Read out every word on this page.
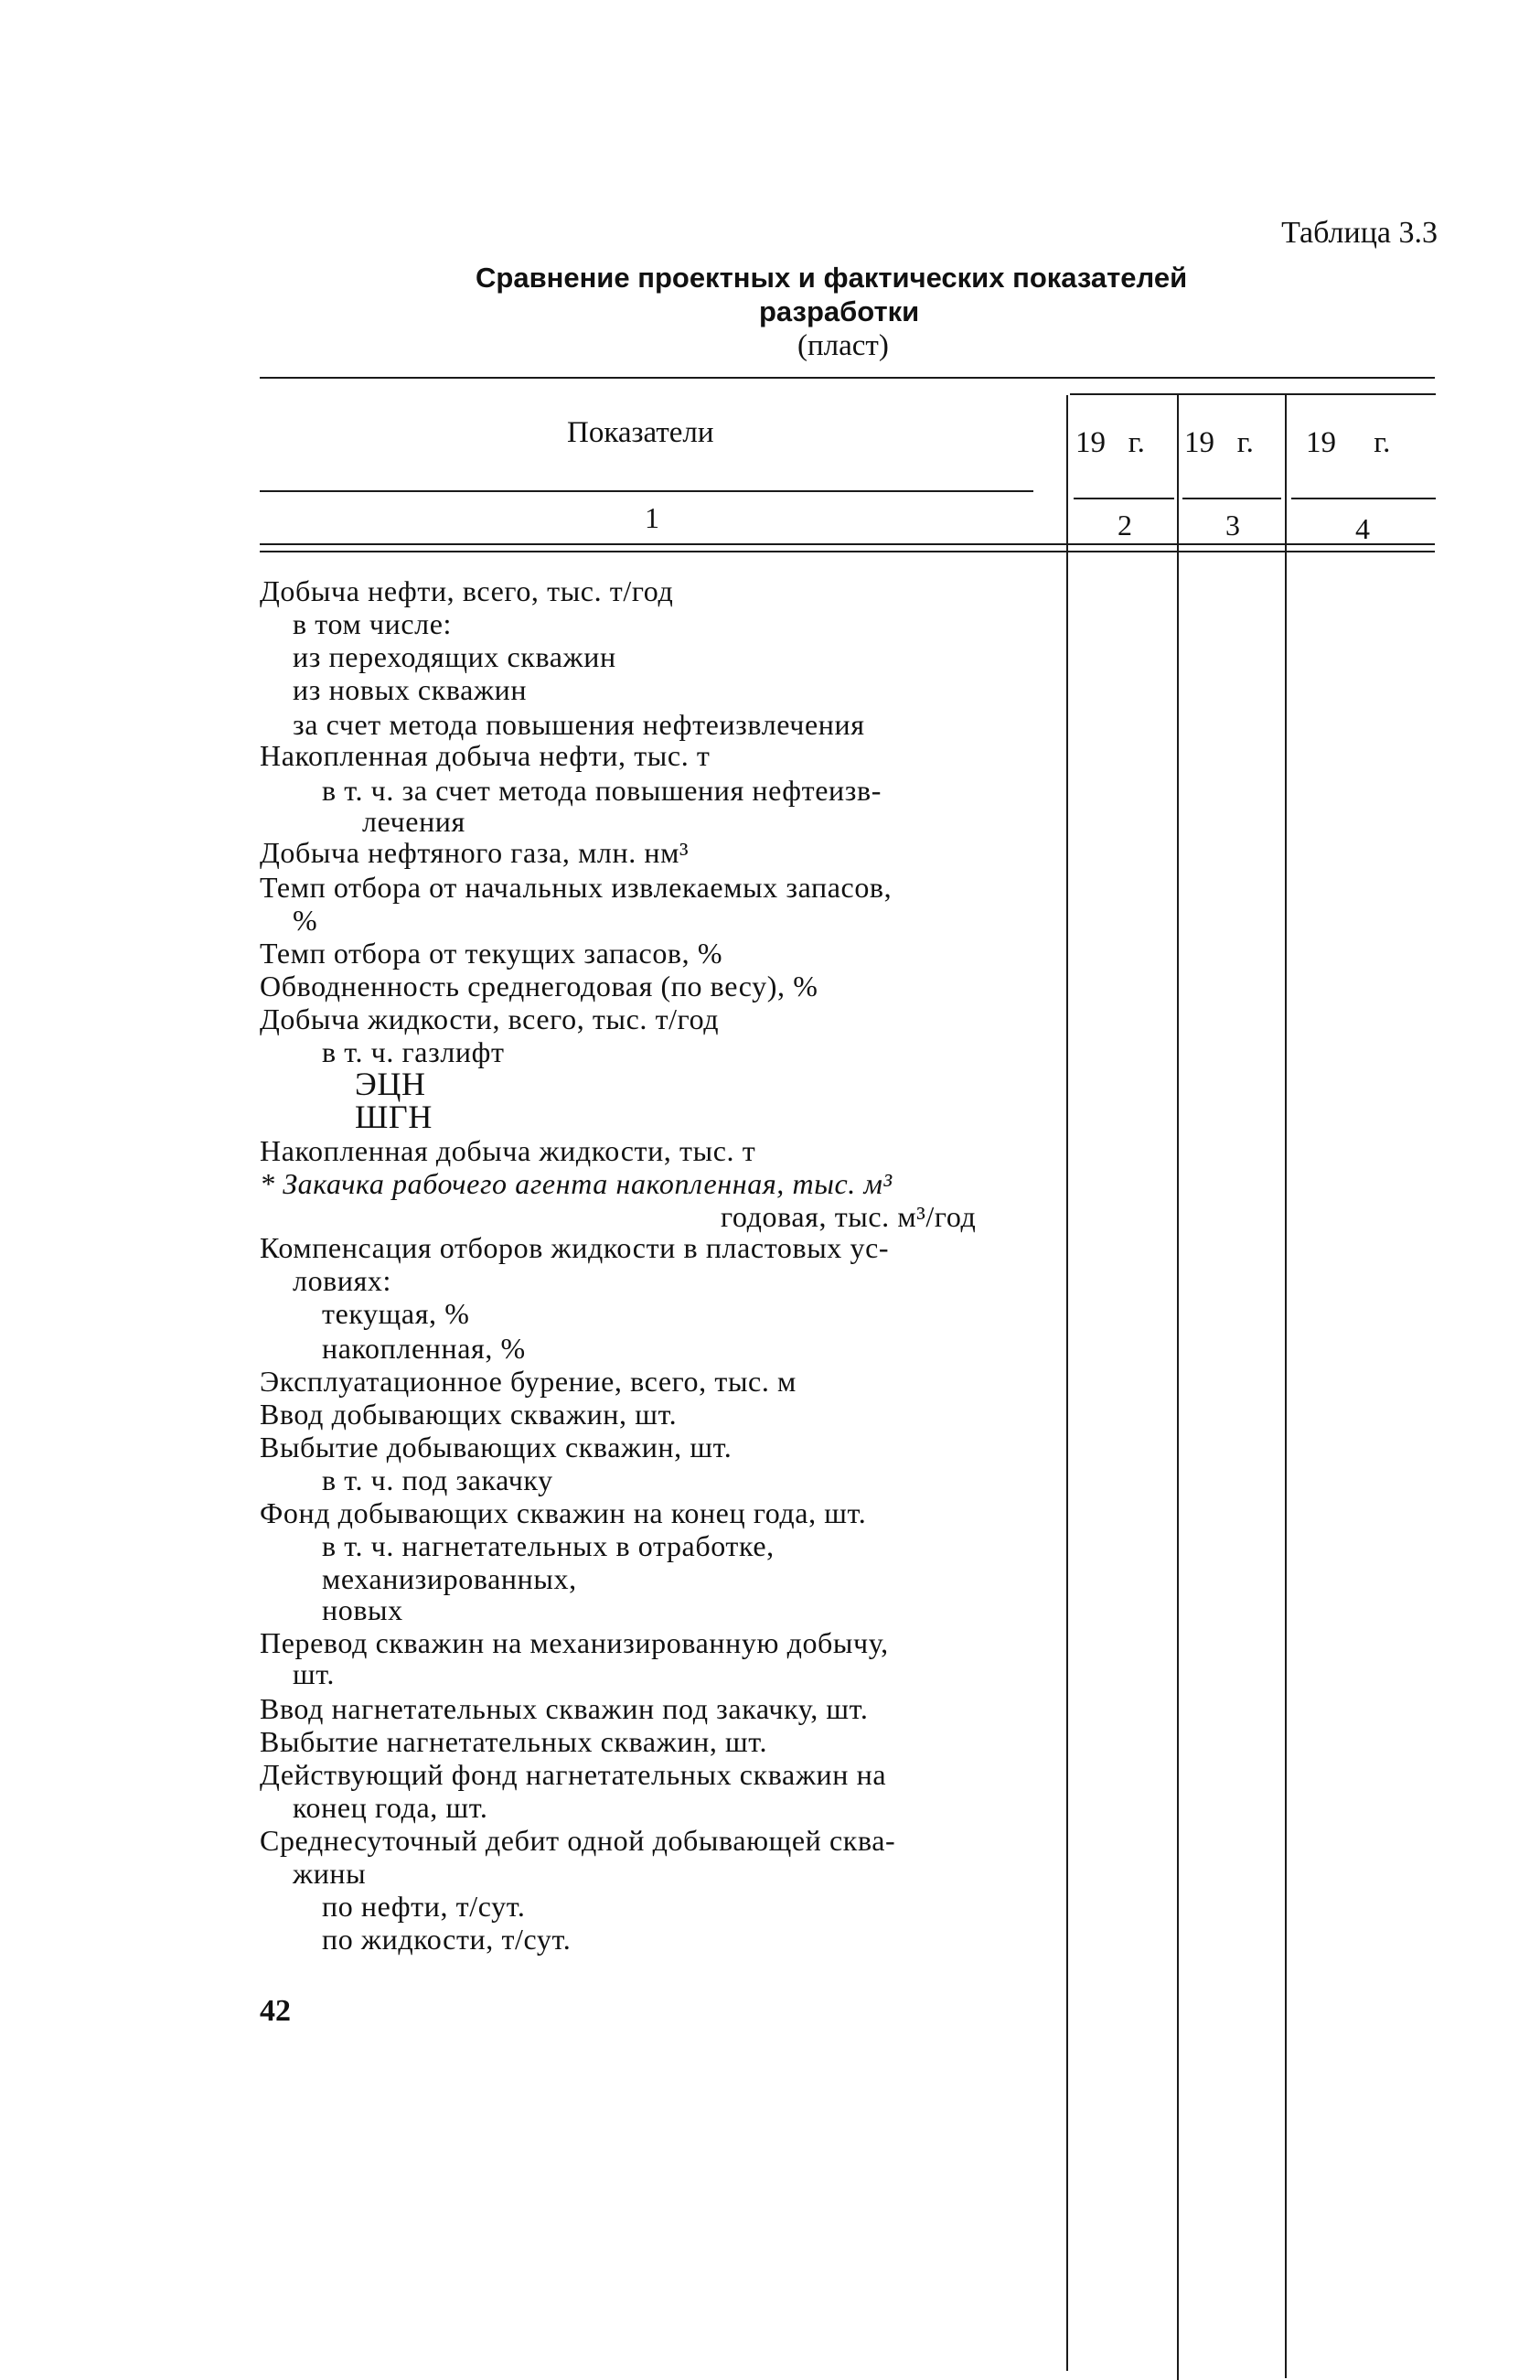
Таблица 3.3
Сравнение проектных и фактических показателей
разработки
(пласт)
Показатели	19   г. 19   г. 19     г.
1	2	3	4
Добыча нефти, всего, тыс. т/год
в том числе:
из переходящих скважин
из новых скважин
за счет метода повышения нефтеизвлечения
Накопленная добыча нефти, тыс. т
в т. ч. за счет метода повышения нефтеизв-
лечения
Добыча нефтяного газа, млн. нм³
Темп отбора от начальных извлекаемых запасов,
%
Темп отбора от текущих запасов, %
Обводненность среднегодовая (по весу), %
Добыча жидкости, всего, тыс. т/год
в т. ч. газлифт
ЭЦН
ШГН
Накопленная добыча жидкости, тыс. т
* Закачка рабочего агента накопленная, тыс. м³
годовая, тыс. м³/год
Компенсация отборов жидкости в пластовых ус-
ловиях:
текущая, %
накопленная, %
Эксплуатационное бурение, всего, тыс. м
Ввод добывающих скважин, шт.
Выбытие добывающих скважин, шт.
в т. ч. под закачку
Фонд добывающих скважин на конец года, шт.
в т. ч. нагнетательных в отработке,
механизированных,
новых
Перевод скважин на механизированную добычу,
шт.
Ввод нагнетательных скважин под закачку, шт.
Выбытие нагнетательных скважин, шт.
Действующий фонд нагнетательных скважин на
конец года, шт.
Среднесуточный дебит одной добывающей сква-
жины
по нефти, т/сут.
по жидкости, т/сут.
42
